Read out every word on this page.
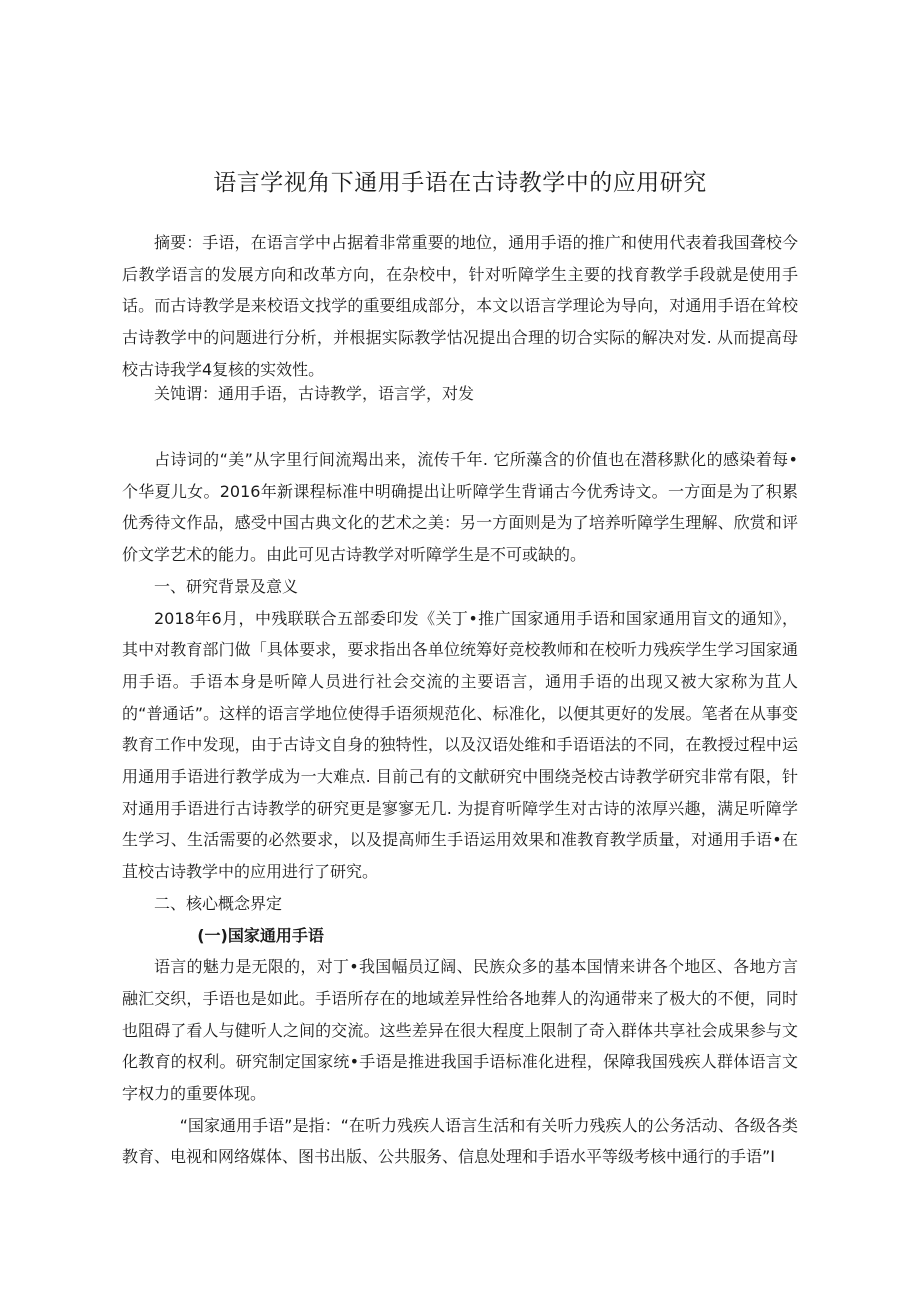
语言学视角下通用手语在古诗教学中的应用研究

摘要：手语，在语言学中占据着非常重要的地位，通用手语的推广和使用代表着我国聋校今后教学语言的发展方向和改革方向，在杂校中，针对听障学生主要的找育教学手段就是使用手话。而古诗教学是来校语文找学的重要组成部分，本文以语言学理论为导向，对通用手语在耸校古诗教学中的问题进行分析，并根据实际教学怙况提出合理的切合实际的解决对发. 从而提高母校古诗我学4复核的实效性。

关饨谓：通用手语，古诗教学，语言学，对发

占诗词的“美”从字里行间流羯出来，流传千年. 它所藻含的价值也在潜移默化的感染着每•个华夏儿女。2016年新课程标准中明确提出让听障学生背诵古今优秀诗文。一方面是为了积累优秀待文作品，感受中国古典文化的艺术之美：另一方面则是为了培养听障学生理解、欣赏和评价文学艺术的能力。由此可见古诗教学对听障学生是不可或缺的。

一、研究背景及意义

2018年6月，中残联联合五部委印发《关丁•推广国家通用手语和国家通用盲文的通知》，其中对教育部门做「具体要求，要求指出各单位统筹好竞校教师和在校听力残疾学生学习国家通用手语。手语本身是听障人员进行社会交流的主要语言，通用手语的出现又被大家称为苴人的“普通话”。这样的语言学地位使得手语须规范化、标准化，以便其更好的发展。笔者在从事变教育工作中发现，由于古诗文自身的独特性，以及汉语处维和手语语法的不同，在教授过程中运用通用手语进行教学成为一大难点. 目前己有的文献研究中围绕尧校古诗教学研究非常有限，针对通用手语进行古诗教学的研究更是寥寥无几. 为提育听障学生对古诗的浓厚兴趣，满足听障学生学习、生活需要的必然要求，以及提高师生手语运用效果和准教育教学质量，对通用手语•在苴校古诗教学中的应用进行了研究。

二、核心概念界定

(一)国家通用手语

语言的魅力是无限的，对丁•我国幅员辽阔、民族众多的基本国情来讲各个地区、各地方言融汇交织，手语也是如此。手语所存在的地域差异性给各地葬人的沟通带来了极大的不便，同时也阻碍了看人与健听人之间的交流。这些差异在很大程度上限制了奇入群体共享社会成果参与文化教育的权利。研究制定国家统•手语是推进我国手语标准化进程，保障我国残疾人群体语言文字权力的重要体现。

“国家通用手语”是指：“在听力残疾人语言生活和有关听力残疾人的公务活动、各级各类教育、电视和网络媒体、图书出版、公共服务、信息处理和手语水平等级考核中通行的手语”I
